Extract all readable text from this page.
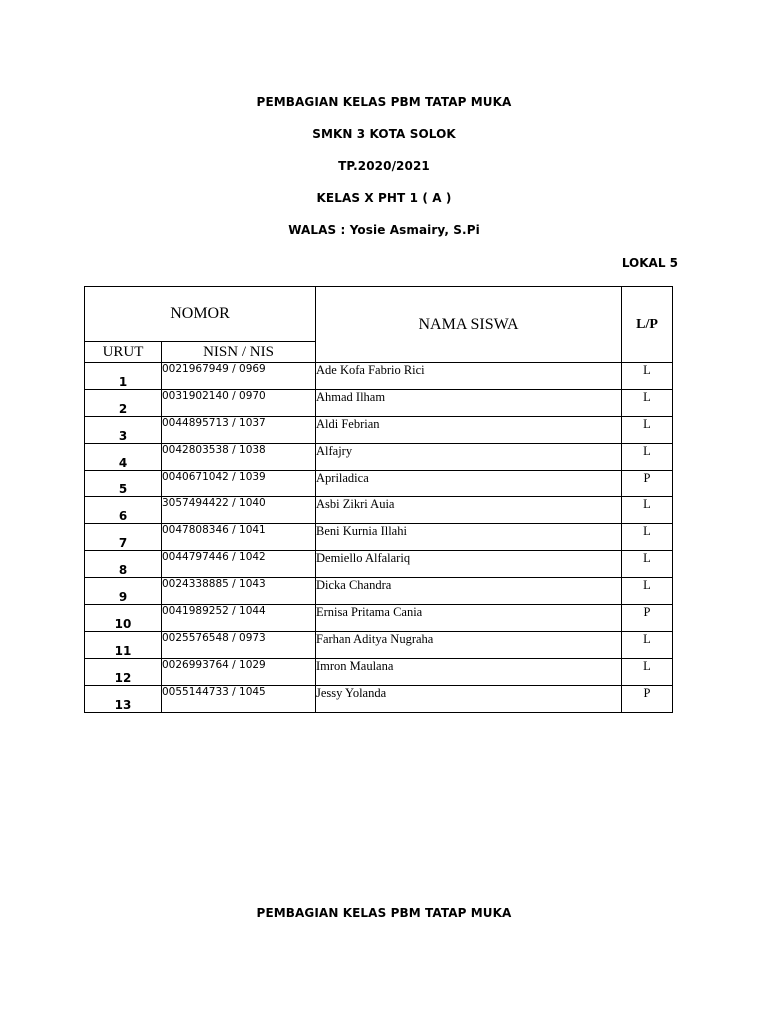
PEMBAGIAN KELAS PBM TATAP MUKA
SMKN 3 KOTA SOLOK
TP.2020/2021
KELAS X PHT 1 ( A )
WALAS : Yosie Asmairy, S.Pi
LOKAL 5
NOMOR		NAMA SISWA	L/P
URUT	NISN / NIS		
1	0021967949 / 0969	Ade Kofa Fabrio Rici	L
2	0031902140 / 0970	Ahmad Ilham	L
3	0044895713 / 1037	Aldi Febrian	L
4	0042803538 / 1038	Alfajry	L
5	0040671042 / 1039	Apriladica	P
6	3057494422 / 1040	Asbi Zikri Auia	L
7	0047808346 / 1041	Beni Kurnia Illahi	L
8	0044797446 / 1042	Demiello Alfalariq	L
9	0024338885 / 1043	Dicka Chandra	L
10	0041989252 / 1044	Ernisa Pritama Cania	P
11	0025576548 / 0973	Farhan Aditya Nugraha	L
12	0026993764 / 1029	Imron Maulana	L
13	0055144733 / 1045	Jessy Yolanda	P
PEMBAGIAN KELAS PBM TATAP MUKA
